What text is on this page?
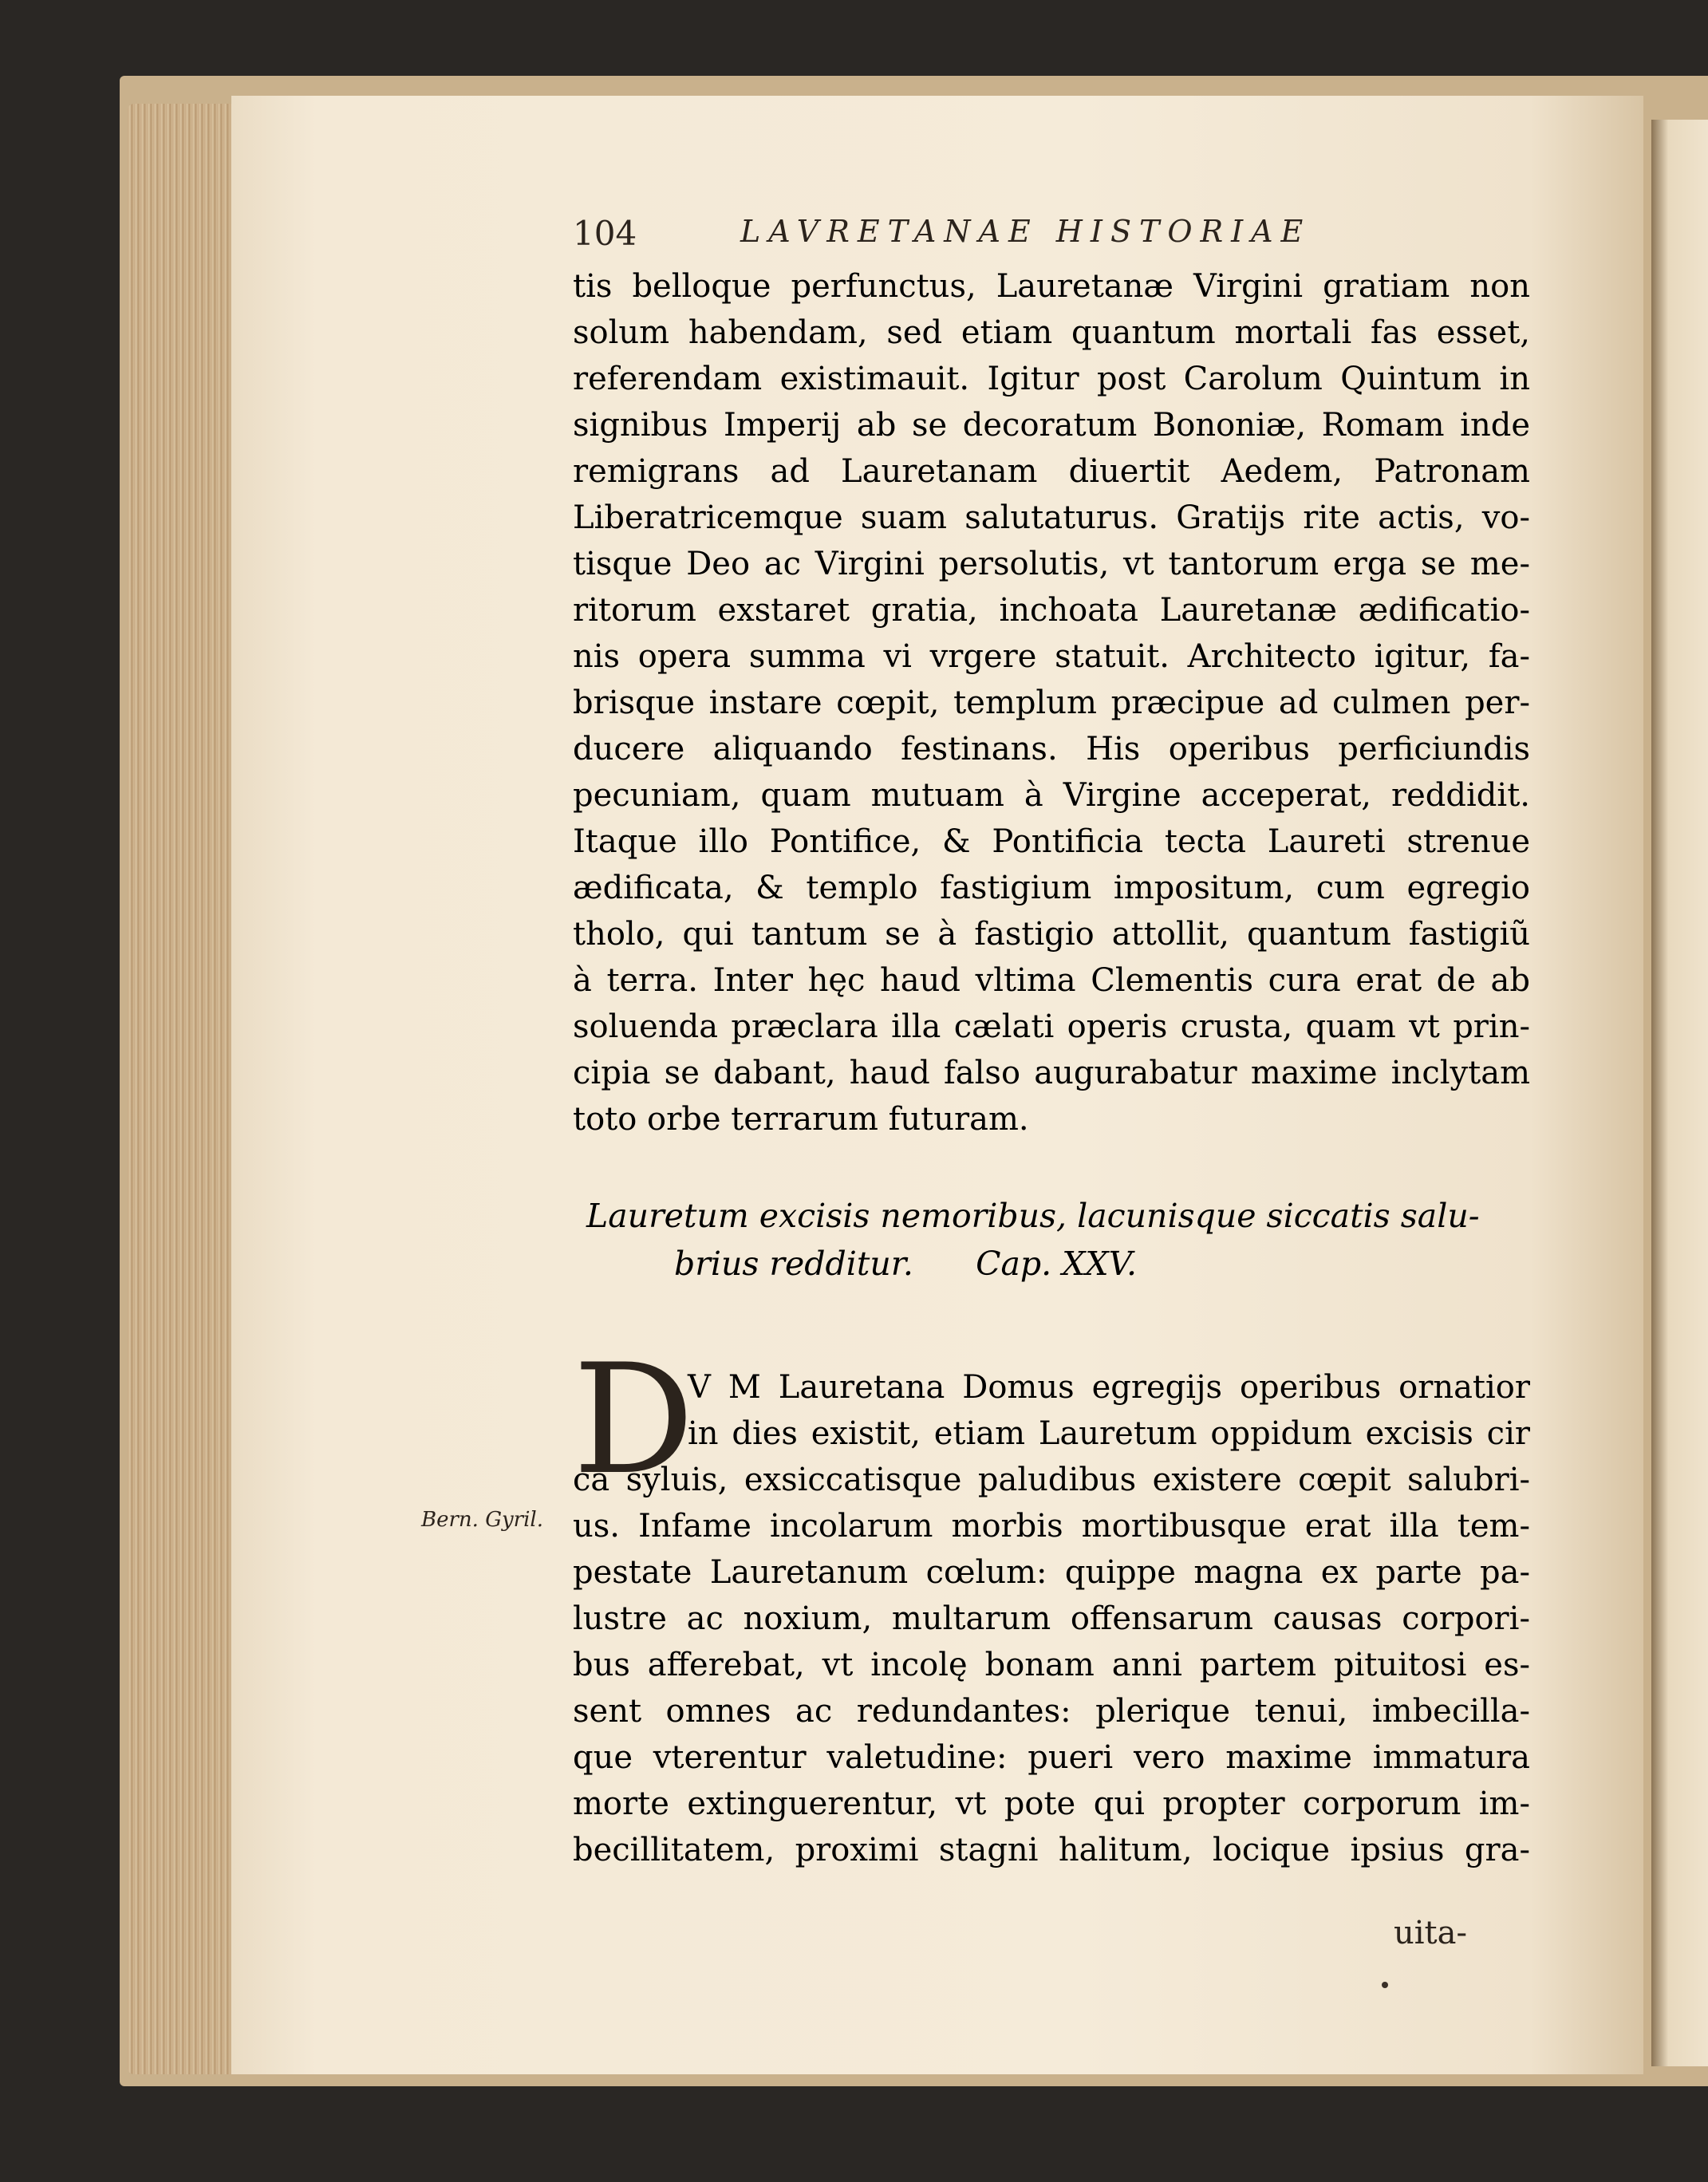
104	LAVRETANAE HISTORIAE
tis belloque perfunctus, Lauretanæ Virgini gratiam non
solum habendam, sed etiam quantum mortali fas esset,
referendam existimauit. Igitur post Carolum Quintum in
signibus Imperij ab se decoratum Bononiæ, Romam inde
remigrans ad Lauretanam diuertit Aedem, Patronam
Liberatricemque suam salutaturus. Gratijs rite actis, vo-
tisque Deo ac Virgini persolutis, vt tantorum erga se me-
ritorum exstaret gratia, inchoata Lauretanæ ædificatio-
nis opera summa vi vrgere statuit. Architecto igitur, fa-
brisque instare cœpit, templum præcipue ad culmen per-
ducere aliquando festinans. His operibus perficiundis
pecuniam, quam mutuam à Virgine acceperat, reddidit.
Itaque illo Pontifice, & Pontificia tecta Laureti strenue
ædificata, & templo fastigium impositum, cum egregio
tholo, qui tantum se à fastigio attollit, quantum fastigiũ
à terra. Inter hęc haud vltima Clementis cura erat de ab
soluenda præclara illa cælati operis crusta, quam vt prin-
cipia se dabant, haud falso augurabatur maxime inclytam
toto orbe terrarum futuram.
Lauretum excisis nemoribus, lacunisque siccatis salu-
brius redditur.      Cap. XXV.
D
V M Lauretana Domus egregijs operibus ornatior
in dies existit, etiam Lauretum oppidum excisis cir
ca syluis, exsiccatisque paludibus existere cœpit salubri-
us. Infame incolarum morbis mortibusque erat illa tem-
pestate Lauretanum cœlum: quippe magna ex parte pa-
lustre ac noxium, multarum offensarum causas corpori-
bus afferebat, vt incolę bonam anni partem pituitosi es-
sent omnes ac redundantes: plerique tenui, imbecilla-
que vterentur valetudine: pueri vero maxime immatura
morte extinguerentur, vt pote qui propter corporum im-
becillitatem, proximi stagni halitum, locique ipsius gra-
Bern. Gyril.
uita-
